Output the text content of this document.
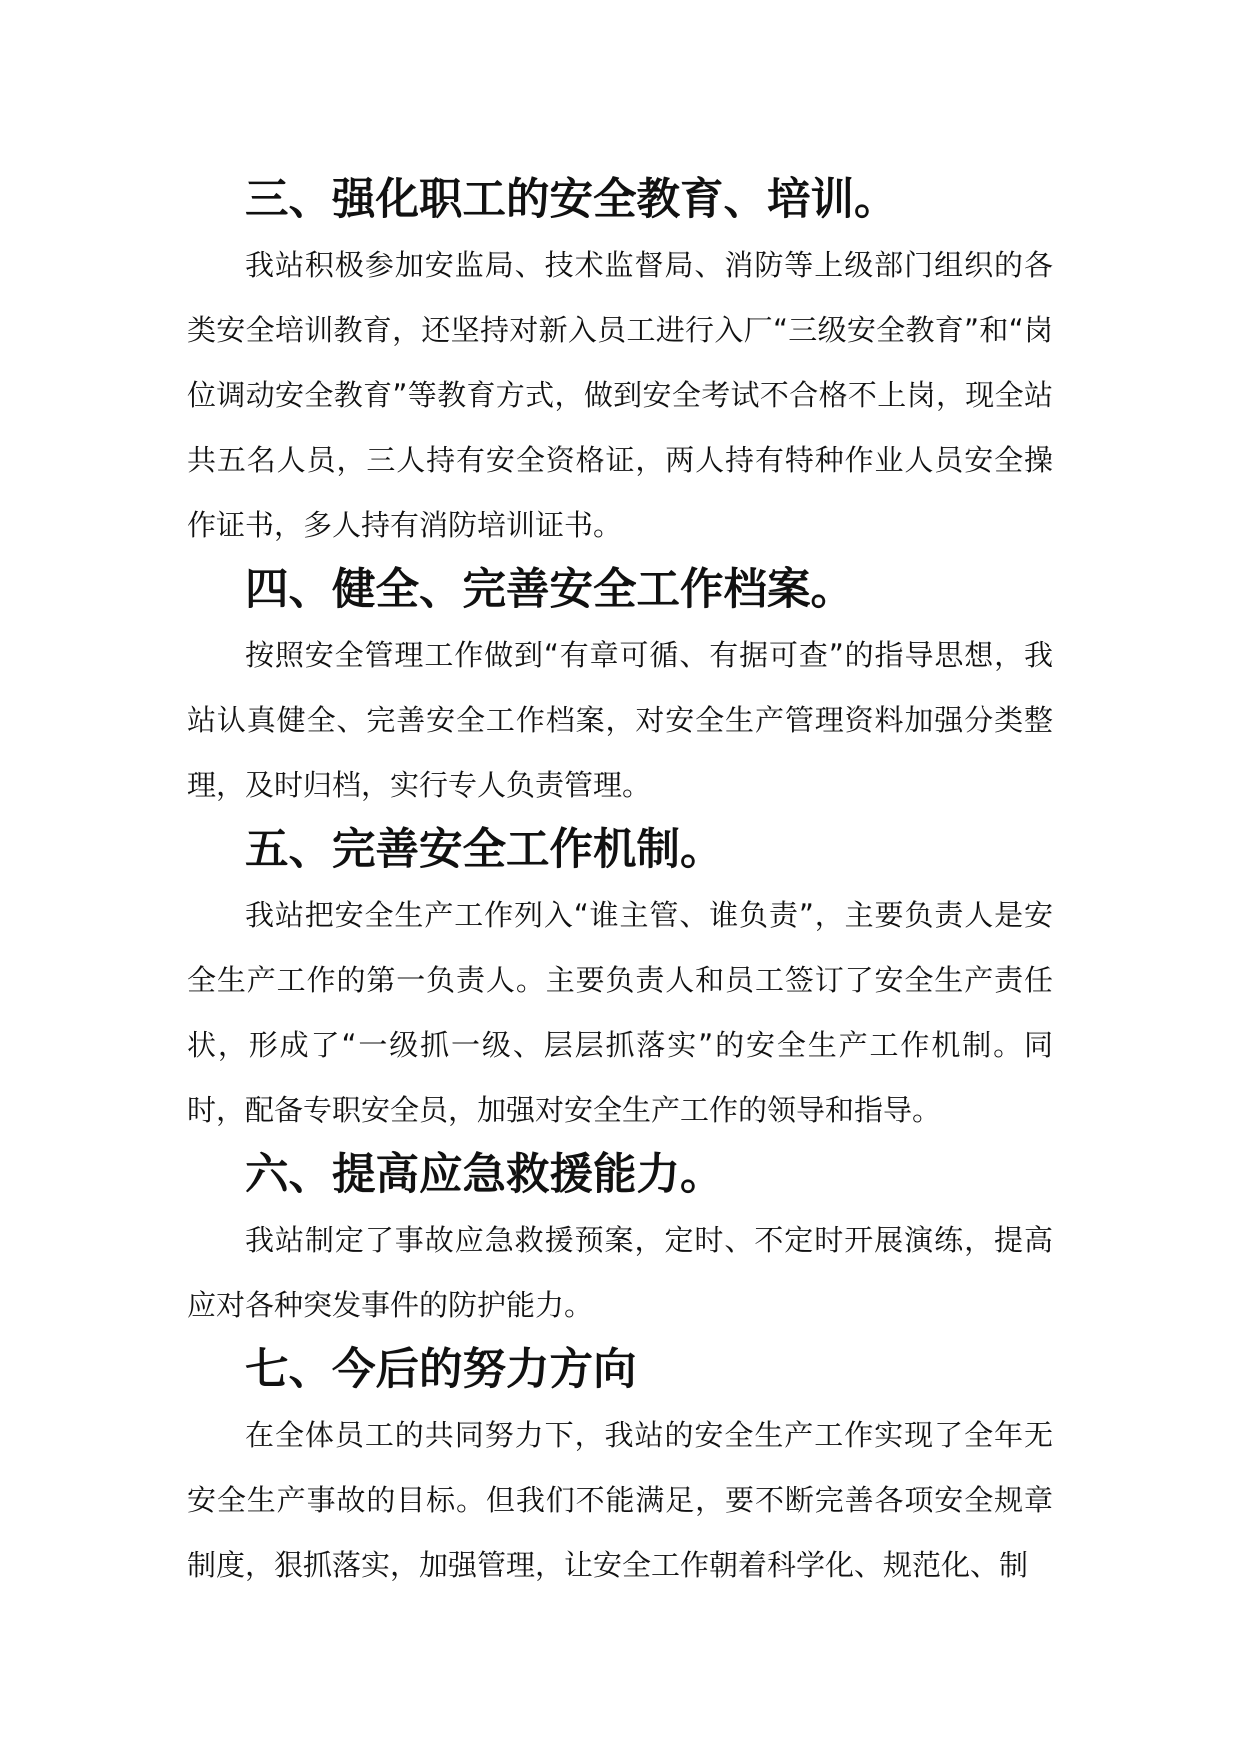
三、强化职工的安全教育、培训。

我站积极参加安监局、技术监督局、消防等上级部门组织的各类安全培训教育，还坚持对新入员工进行入厂“三级安全教育”和“岗位调动安全教育”等教育方式，做到安全考试不合格不上岗，现全站共五名人员，三人持有安全资格证，两人持有特种作业人员安全操作证书，多人持有消防培训证书。

四、健全、完善安全工作档案。

按照安全管理工作做到“有章可循、有据可查”的指导思想，我站认真健全、完善安全工作档案，对安全生产管理资料加强分类整理，及时归档，实行专人负责管理。

五、完善安全工作机制。

我站把安全生产工作列入“谁主管、谁负责”，主要负责人是安全生产工作的第一负责人。主要负责人和员工签订了安全生产责任状，形成了“一级抓一级、层层抓落实”的安全生产工作机制。同时，配备专职安全员，加强对安全生产工作的领导和指导。

六、提高应急救援能力。

我站制定了事故应急救援预案，定时、不定时开展演练，提高应对各种突发事件的防护能力。

七、今后的努力方向

在全体员工的共同努力下，我站的安全生产工作实现了全年无安全生产事故的目标。但我们不能满足，要不断完善各项安全规章制度，狠抓落实，加强管理，让安全工作朝着科学化、规范化、制
